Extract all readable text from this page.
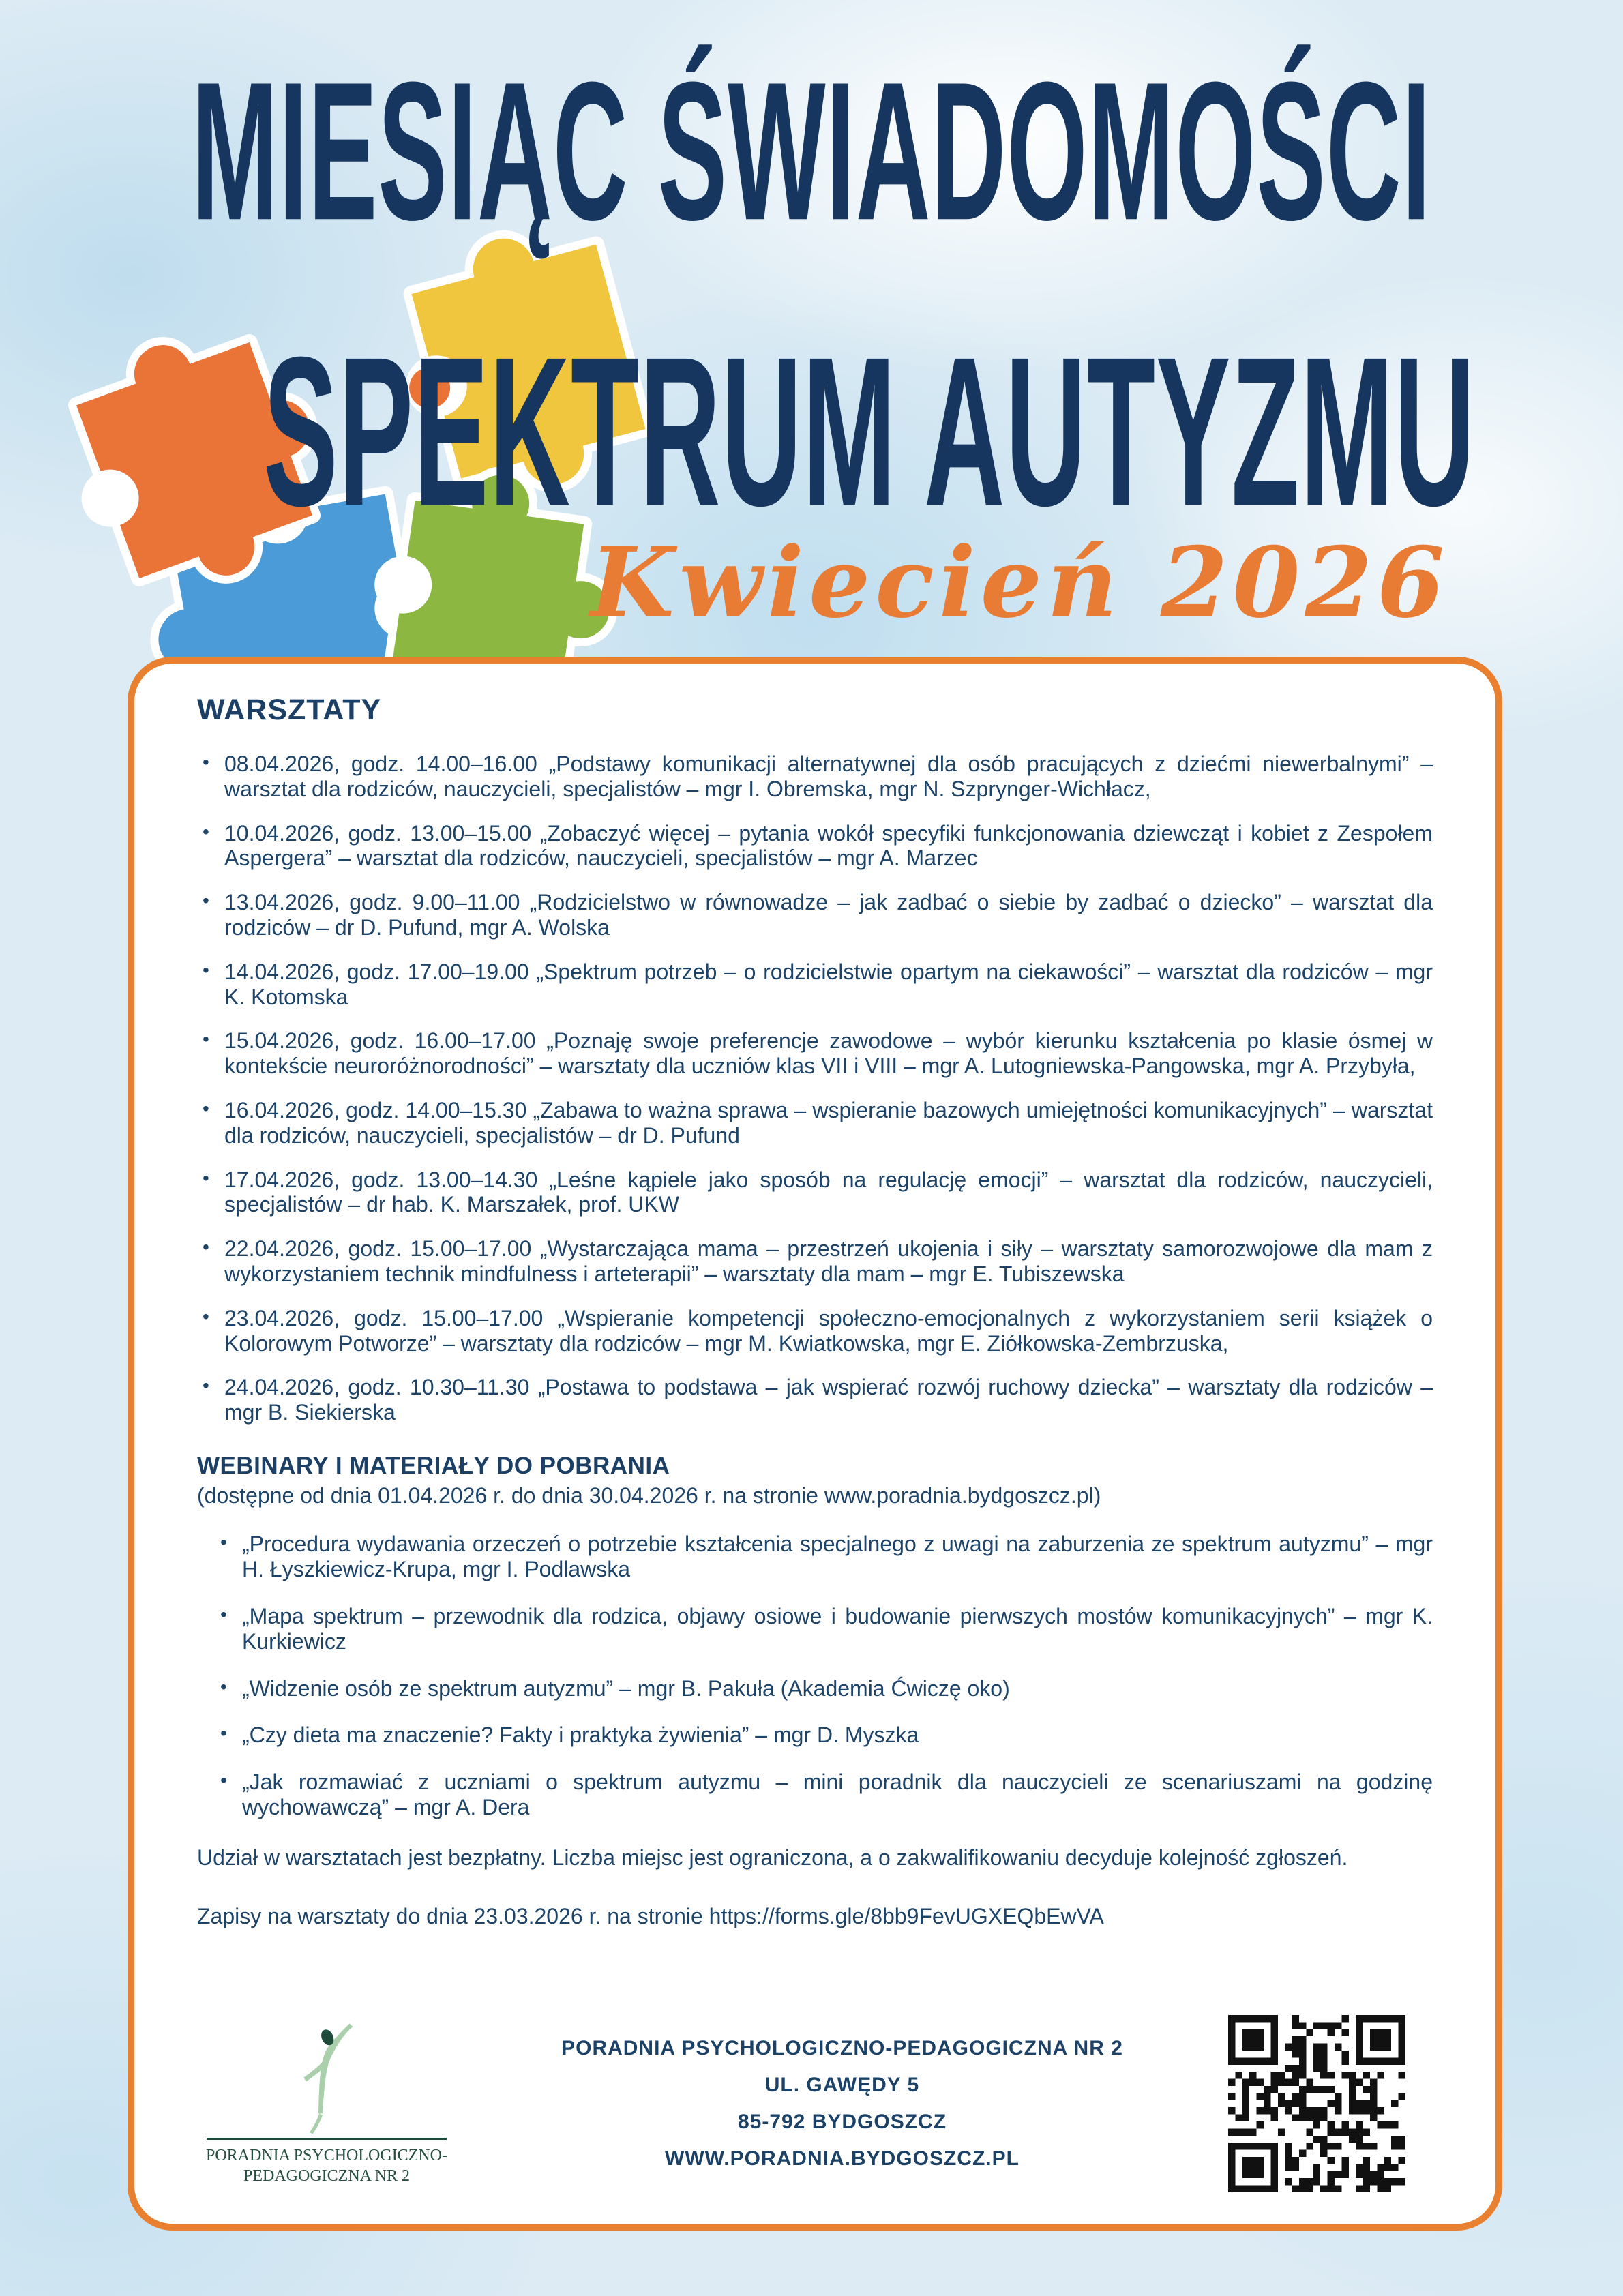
MIESIĄC ŚWIADOMOŚCI
SPEKTRUM AUTYZMU
Kwiecień 2026
WARSZTATY
• 08.04.2026, godz. 14.00–16.00 „Podstawy komunikacji alternatywnej dla osób pracujących z dziećmi niewerbalnymi” – warsztat dla rodziców, nauczycieli, specjalistów – mgr I. Obremska, mgr N. Szprynger-Wichłacz,
• 10.04.2026, godz. 13.00–15.00 „Zobaczyć więcej – pytania wokół specyfiki funkcjonowania dziewcząt i kobiet z Zespołem Aspergera” – warsztat dla rodziców, nauczycieli, specjalistów – mgr A. Marzec
• 13.04.2026, godz. 9.00–11.00 „Rodzicielstwo w równowadze – jak zadbać o siebie by zadbać o dziecko” – warsztat dla rodziców – dr D. Pufund, mgr A. Wolska
• 14.04.2026, godz. 17.00–19.00 „Spektrum potrzeb – o rodzicielstwie opartym na ciekawości” – warsztat dla rodziców – mgr K. Kotomska
• 15.04.2026, godz. 16.00–17.00 „Poznaję swoje preferencje zawodowe – wybór kierunku kształcenia po klasie ósmej w kontekście neuroróżnorodności” – warsztaty dla uczniów klas VII i VIII – mgr A. Lutogniewska-Pangowska, mgr A. Przybyła,
• 16.04.2026, godz. 14.00–15.30 „Zabawa to ważna sprawa – wspieranie bazowych umiejętności komunikacyjnych” – warsztat dla rodziców, nauczycieli, specjalistów – dr D. Pufund
• 17.04.2026, godz. 13.00–14.30 „Leśne kąpiele jako sposób na regulację emocji” – warsztat dla rodziców, nauczycieli, specjalistów – dr hab. K. Marszałek, prof. UKW
• 22.04.2026, godz. 15.00–17.00 „Wystarczająca mama – przestrzeń ukojenia i siły – warsztaty samorozwojowe dla mam z wykorzystaniem technik mindfulness i arteterapii” – warsztaty dla mam – mgr E. Tubiszewska
• 23.04.2026, godz. 15.00–17.00 „Wspieranie kompetencji społeczno-emocjonalnych z wykorzystaniem serii książek o Kolorowym Potworze” – warsztaty dla rodziców – mgr M. Kwiatkowska, mgr E. Ziółkowska-Zembrzuska,
• 24.04.2026, godz. 10.30–11.30 „Postawa to podstawa – jak wspierać rozwój ruchowy dziecka” – warsztaty dla rodziców – mgr B. Siekierska
WEBINARY I MATERIAŁY DO POBRANIA
(dostępne od dnia 01.04.2026 r. do dnia 30.04.2026 r. na stronie www.poradnia.bydgoszcz.pl)
• „Procedura wydawania orzeczeń o potrzebie kształcenia specjalnego z uwagi na zaburzenia ze spektrum autyzmu” – mgr H. Łyszkiewicz-Krupa, mgr I. Podlawska
• „Mapa spektrum – przewodnik dla rodzica, objawy osiowe i budowanie pierwszych mostów komunikacyjnych” – mgr K. Kurkiewicz
• „Widzenie osób ze spektrum autyzmu” – mgr B. Pakuła (Akademia Ćwiczę oko)
• „Czy dieta ma znaczenie? Fakty i praktyka żywienia” – mgr D. Myszka
• „Jak rozmawiać z uczniami o spektrum autyzmu – mini poradnik dla nauczycieli ze scenariuszami na godzinę wychowawczą” – mgr A. Dera

Udział w warsztatach jest bezpłatny. Liczba miejsc jest ograniczona, a o zakwalifikowaniu decyduje kolejność zgłoszeń.

Zapisy na warsztaty do dnia 23.03.2026 r. na stronie https://forms.gle/8bb9FevUGXEQbEwVA

PORADNIA PSYCHOLOGICZNO-
PEDAGOGICZNA NR 2

PORADNIA PSYCHOLOGICZNO-PEDAGOGICZNA NR 2

UL. GAWĘDY 5

85-792 BYDGOSZCZ

WWW.PORADNIA.BYDGOSZCZ.PL
